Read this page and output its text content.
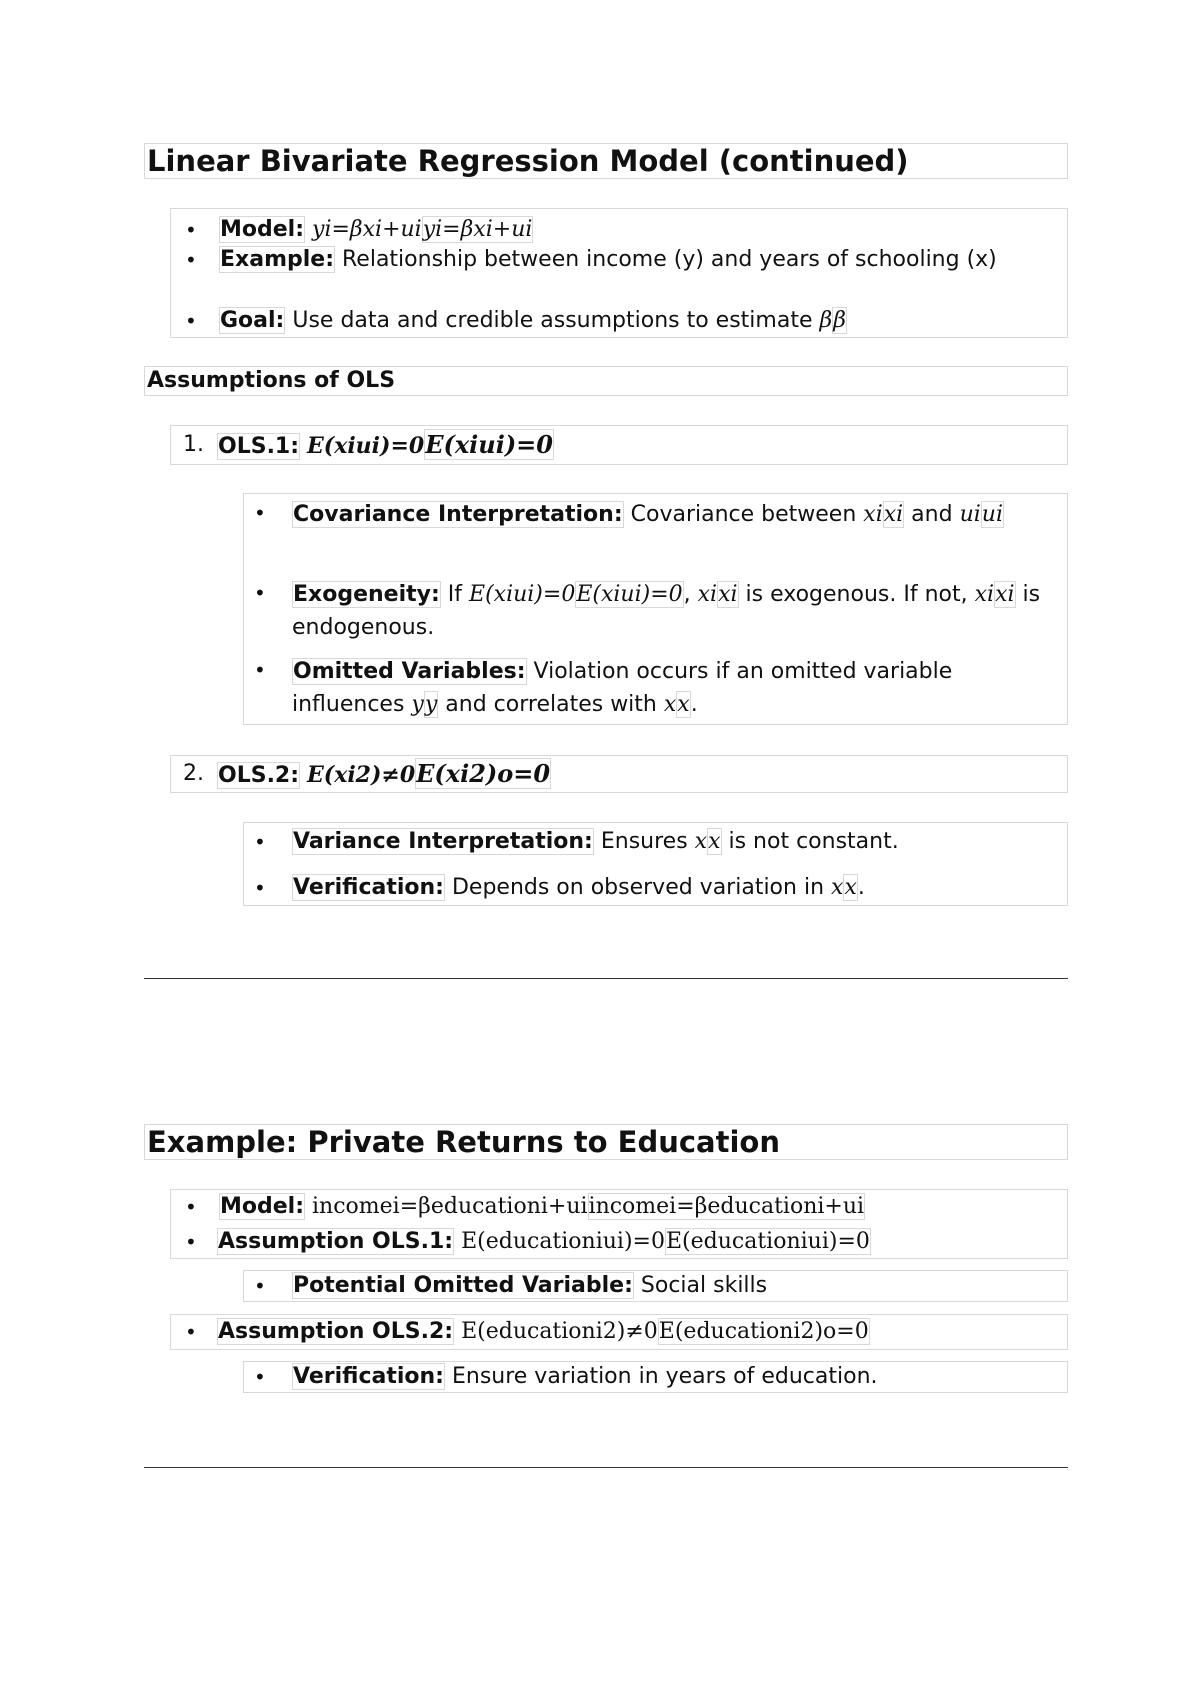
Linear Bivariate Regression Model (continued)
• Model: yi=βxi+uiyi=βxi+ui
• Example: Relationship between income (y) and years of schooling (x)
• Goal: Use data and credible assumptions to estimate ββ
Assumptions of OLS
1. OLS.1: E(xiui)=0E(xiui)=0
• Covariance Interpretation: Covariance between xixi and uiui
• Exogeneity: If E(xiui)=0E(xiui)=0, xixi is exogenous. If not, xixi is endogenous.
• Omitted Variables: Violation occurs if an omitted variable influences yy and correlates with xx.
2. OLS.2: E(xi2)≠0E(xi2)o=0
• Variance Interpretation: Ensures xx is not constant.
• Verification: Depends on observed variation in xx.
Example: Private Returns to Education
• Model: incomei=βeducationi+uiincomei=βeducationi+ui
• Assumption OLS.1: E(educationiui)=0E(educationiui)=0
• Potential Omitted Variable: Social skills
• Assumption OLS.2: E(educationi2)≠0E(educationi2)o=0
• Verification: Ensure variation in years of education.
